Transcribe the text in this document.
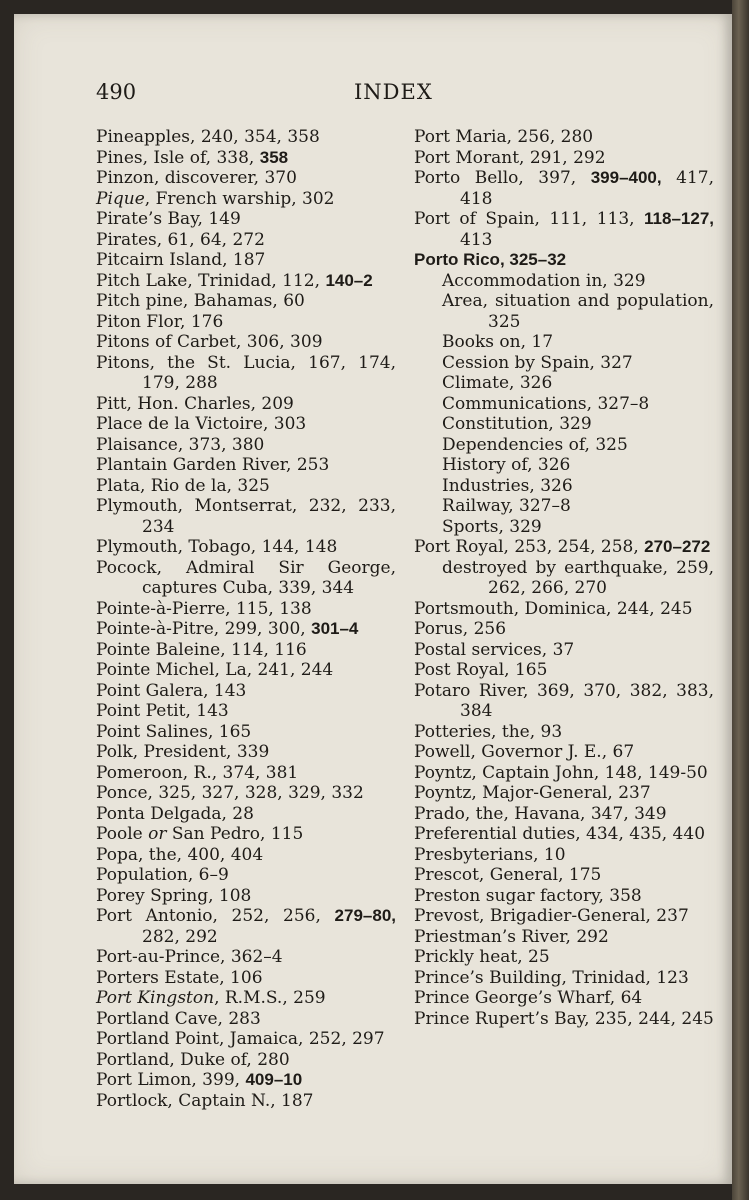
490	INDEX
Pineapples, 240, 354, 358
Pines, Isle of, 338, 358
Pinzon, discoverer, 370
Pique, French warship, 302
Pirate’s Bay, 149
Pirates, 61, 64, 272
Pitcairn Island, 187
Pitch Lake, Trinidad, 112, 140–2
Pitch pine, Bahamas, 60
Piton Flor, 176
Pitons of Carbet, 306, 309
Pitons, the St. Lucia, 167, 174, 179, 288
Pitt, Hon. Charles, 209
Place de la Victoire, 303
Plaisance, 373, 380
Plantain Garden River, 253
Plata, Rio de la, 325
Plymouth, Montserrat, 232, 233, 234
Plymouth, Tobago, 144, 148
Pocock, Admiral Sir George, captures Cuba, 339, 344
Pointe-à-Pierre, 115, 138
Pointe-à-Pitre, 299, 300, 301–4
Pointe Baleine, 114, 116
Pointe Michel, La, 241, 244
Point Galera, 143
Point Petit, 143
Point Salines, 165
Polk, President, 339
Pomeroon, R., 374, 381
Ponce, 325, 327, 328, 329, 332
Ponta Delgada, 28
Poole or San Pedro, 115
Popa, the, 400, 404
Population, 6–9
Porey Spring, 108
Port Antonio, 252, 256, 279–80, 282, 292
Port-au-Prince, 362–4
Porters Estate, 106
Port Kingston, R.M.S., 259
Portland Cave, 283
Portland Point, Jamaica, 252, 297
Portland, Duke of, 280
Port Limon, 399, 409–10
Portlock, Captain N., 187
Port Maria, 256, 280
Port Morant, 291, 292
Porto Bello, 397, 399–400, 417, 418
Port of Spain, 111, 113, 118–127, 413
Porto Rico, 325–32
Accommodation in, 329
Area, situation and population, 325
Books on, 17
Cession by Spain, 327
Climate, 326
Communications, 327–8
Constitution, 329
Dependencies of, 325
History of, 326
Industries, 326
Railway, 327–8
Sports, 329
Port Royal, 253, 254, 258, 270–272
destroyed by earthquake, 259, 262, 266, 270
Portsmouth, Dominica, 244, 245
Porus, 256
Postal services, 37
Post Royal, 165
Potaro River, 369, 370, 382, 383, 384
Potteries, the, 93
Powell, Governor J. E., 67
Poyntz, Captain John, 148, 149-50
Poyntz, Major-General, 237
Prado, the, Havana, 347, 349
Preferential duties, 434, 435, 440
Presbyterians, 10
Prescot, General, 175
Preston sugar factory, 358
Prevost, Brigadier-General, 237
Priestman’s River, 292
Prickly heat, 25
Prince’s Building, Trinidad, 123
Prince George’s Wharf, 64
Prince Rupert’s Bay, 235, 244, 245
